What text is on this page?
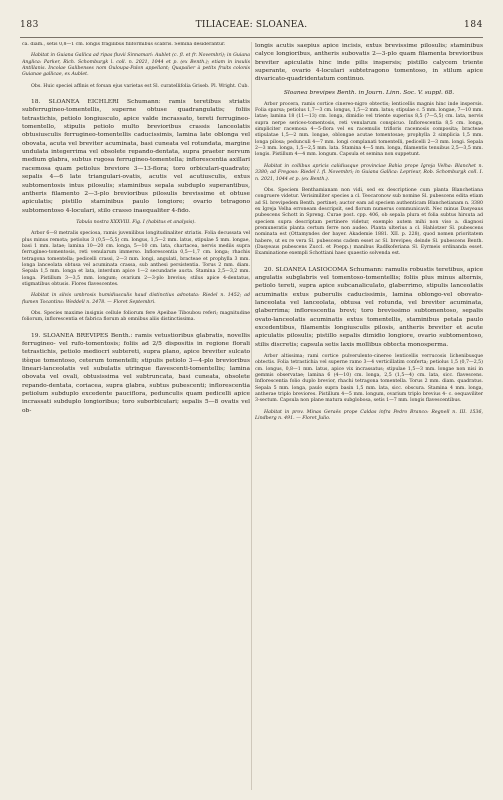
183	TILIACEAE: SLOANEA.	184

ca. diam., setis 0,8—1 cm. longis fragilibus filiformibus scabris. Semina desiderantur.

Habitat in Guiana Gallica ad ripas fluvii Sinnamari: Aublet (c. fl. et fr. Novembri); in Guiana Anglica: Parker, Rich. Schomburgk l. coll. n. 2021, 1044 et p. (ex Benth.); etiam in insulis Antillanis. Incolae Galibenses nom Ouloupa-Palon appellant; Quapalier à petits fruits colonis Guianae gallicae, ex Aublet.

Obs. Huic speciei affinis et forsan ejus varietas est Sl. curatellifolia Griseb. Pl. Wright. Cub.

18. SLOANEA EICHLERI Schumann: ramis teretibus striatis subferrugineo-tomentellis, superne obtuse quadrangulatis; foliis tetrastichis, petiolo longiusculo, apice valde incrassato, tereti ferrugineo-tomentello, stipulis petiolo multo brevioribus crassis lanceolatis obtusiusculis ferrugineo-tomentellis caducissimis, lamina late oblonga vel obovata, acuta vel breviter acuminata, basi cuneata vel rotundata, margine undulata integerrima vel obsolete repando-dentata, supra praeter nervum medium glabra, subtus rugosa ferrugineo-tomentella; inflorescentia axillari racemosa quam petiolus breviore 3—13-flora; toro orbiculari-quadrato; sepalis 4—6 late triangulari-ovatis, acutis vel acutiusculis, extus subtomentosis intus pilosulis; staminibus sepala subduplo superantibus, antheris filamento 2—3-plo brevioribus pilosulis brevissime et obtuse apiculatis; pistillo staminibus paulo longiore; ovario tetragono subtomentoso 4-loculari, stilo crasso inaequaliter 4-fido.

Tabula nostra XXXVIII. Fig. I (habitus et analysis).

Arbor 6—8 metralis speciosa, ramis juvenilibus longitudinaliter striatis. Folia decussata vel plus minus remota; petiolus 3 (0,5—5,5) cm. longus, 1,5—2 mm. latus, stipulae 5 mm. longae, basi 1 mm. latae; lamina 10—20 cm. longa, 5—10 cm. lata, chartacea, nervis mediis supra ferrugineo-tomentosis, reti venularum immerso. Inflorescentia 0,5—1,7 cm. longa; rhachis tetragona tomentella; pedicelli crassi, 2—3 mm. longi, angulati, bracteae et prophylla 3 mm. longa lanceolata obtusa vel acuminata crassa, sub anthesi persistentia. Torus 2 mm. diam. Sepala 1,5 mm. longa et lata, interdum apice 1—2 secundarie aucta. Stamina 2,5—3,2 mm. longa. Pistillum 3—3,5 mm. longum; ovarium 2—3-plo brevius; stilus apice 4-dentatus, stigmatibus obtusis. Flores flavescentes.

Habitat in silvis umbrosis humidiusculis haud distinctius adnotata: Riedel n. 1452; ad flumen Tocantins: Weddell n. 2478. — Floret Septembri.

Obs. Species maxime insignis cellule foliorum fere Apeibae Tiboubou referi; magnitudine foliorum, inflorescentia et fabrica florum ab omnibus aliis distinctissima.

19. SLOANEA BREVIPES Benth.: ramis vetustioribus glabratis, novellis ferrugineo- vel rufo-tomentosis; foliis ad 2/5 dispositis in regione florali tetrastichis, petiolo mediocri subtereti, supra plano, apice breviter sulcato itèque tomentoso, ceterum tomentelli; stipulis petiolo 3—4-plo brevioribus lineari-lanceolatis vel subulatis utrinque flavescenti-tomentellis; lamina obovata vel ovali, obtusissima vel subtruncata, basi cuneata, obsolete repando-dentata, coriacea, supra glabra, subtus pubescenti; inflorescentia petiolum subduplo excedente pauciflora, pedunculis quam pedicelli apice incrassati subduplo longioribus; toro suborbiculari; sepalis 5—8 ovatis vel ob-

longis acutis saepius apice incisis, extus brevissime pilosulis; staminibus calyce longioribus, antheris subovatis 2—3-plo quam filamenta brevioribus breviter apiculatis hinc inde pilis inspersis; pistillo calycem triente superante, ovario 4-loculari subtetragono tomentoso, in stilum apice divaricato-quadridentatum continuo.

Sloanea brevipes Benth. in Journ. Linn. Soc. V. suppl. 68.

Arbor procera, ramis cortice cinereo-nigro obtectis; lenticellis magnis hinc inde inspersis. Folia sparsa; petiolus 1,7—3 cm. longus, 1,5—2 mm. latus; stipulae c. 5 mm. longae, 7—10 mm. latae; lamina 18 (11—13) cm. longa, dimidio vel triente superius 8,5 (7—5,5) cm. lata, nervis supra nerpe sericeo-tomentosis, reti venularum conspicuo. Inflorescentia 8,5 cm. longa, simpliciter racemosa 4—5-flora vel ex racemulis trifloris racemosis composita; bracteae stipulatae 1,5—2 mm. longae, oblongae acutae tomentosae; prophylla 2 simplicia 1,5 mm. longa pilosa; pedunculi 4—7 mm. longi complanati tomentelli, pedicelli 2—3 mm. longi. Sepala 2—3 mm. longa, 1,5—2,5 mm. lata. Stamina 4—5 mm. longa, filamentis tenuibus 2,5—3,5 mm. longis. Pistillum 4—4 mm. longum. Capsula et semina non suppetunt.

Habitat in collibus apricis calidiusque provinciae Bahia prope Igreja Velha: Blanchet n. 3380; ad Fregoso: Riedel l. fl. Novembri; in Guiana Gallica: Leprieur, Rob. Schomburgk coll. I. n. 2021, 1044 et p. (ex Benth.).

Obs. Speciem Benthamianam non vidi, sed ex descriptione cum planta Blanchetiana congruere videtur. Verisimiliter species a cl. Teocaronow sub nomine Sl. pubescens edita etiam ad Sl. brevipedem Benth. pertinet; auctor eam ad speciem authenticam Blanchetianam n. 3380 ex Igreja Velha erroneam descripsit, sed florum numerus communicavit. Nec minus Dasyeaus pubescens Schott in Spreng. Curae post. cpp. 406, ob sepala plura et folia subtus hirsuta ad speciem supra descriptam pertinere videtur, exemplo autem mihi non viso a. diagnosi premuneratis planta certum ferre non audeo. Planta ulterius a cl. Hahlotzer Sl. pubescens nominata est (Ottamyndes der bayer. Akademie 1881. XII. p. 228), quod nomen prioritatem habere, ut ex re vera Sl. pubescens cadem esset ac Sl. brevipes; deinde Sl. pubescens Benth. (Dasyeaus pubescens Zuccl. et Poepp.) manibus Radlkoferiana Sl. Eyrmeis ordinanda esset. Examinatione exempli Schottiani haec quaestio solvenda est.

20. SLOANEA LASIOCOMA Schumann: ramulis robustis teretibus, apice angulatis subglabris vel tomentoso-tomentellis; foliis plus minus alternis, petiolo tereti, supra apice subcanaliculato, glaberrimo, stipulis lanceolatis acuminatis extus puberulis caducissimis, lamina oblongo-vel obovato-lanceolata vel lanceolata, obtusa vel rotunda, vel breviter acuminata, glaberrima; inflorescentia brevi; toro brevissimo subtomentoso, sepalis ovato-lanceolatis acuminatis extus tomentellis, staminibus petala paulo excedentibus, filamentis longiusculis pilosis, antheris breviter et acute apiculatis pilosulis; pistillo sepalis dimidio longiore, ovario subtomentoso, stilis discretis; capsula setis laxis mollibus obtecta monosperma.

Arbor altissima; rami cortice pulverulento-cinereo lenticellis verrucosis lichenibusque obtectis. Folia tetrastichia vel superne ramo 3—4 verticillatim conferta; petiolus 1,5 (0,7—2,5) cm. longus, 0,8—1 mm. latus, apice vix incrassatus; stipulae 1,5—3 mm. longae non nisi in gemmis observatae; lamina 6 (4—10) cm. longa, 2,5 (1,5—4) cm. lata, sicc. flavescens. Inflorescentia folio duplo brevior, rhachi tetragona tomentella. Torus 2 mm. diam. quadratus. Sepala 5 mm. longa, paulo supra basin 1,5 mm. lata, sicc. obscura. Stamina 4 mm. longa, antherae triplo breviores. Pistillum 4—5 mm. longum, ovarium triplo brevius 4- c. oequaviliter 3-sectum. Capsula non plane matura subglobosa, setis 1—7 mm. longis flavescentibus.

Habitat in prov. Minas Geraës prope Caldas infra Pedro Branco: Regnell n. III. 1536, Lindberg n. 491. — Floret Julio.
